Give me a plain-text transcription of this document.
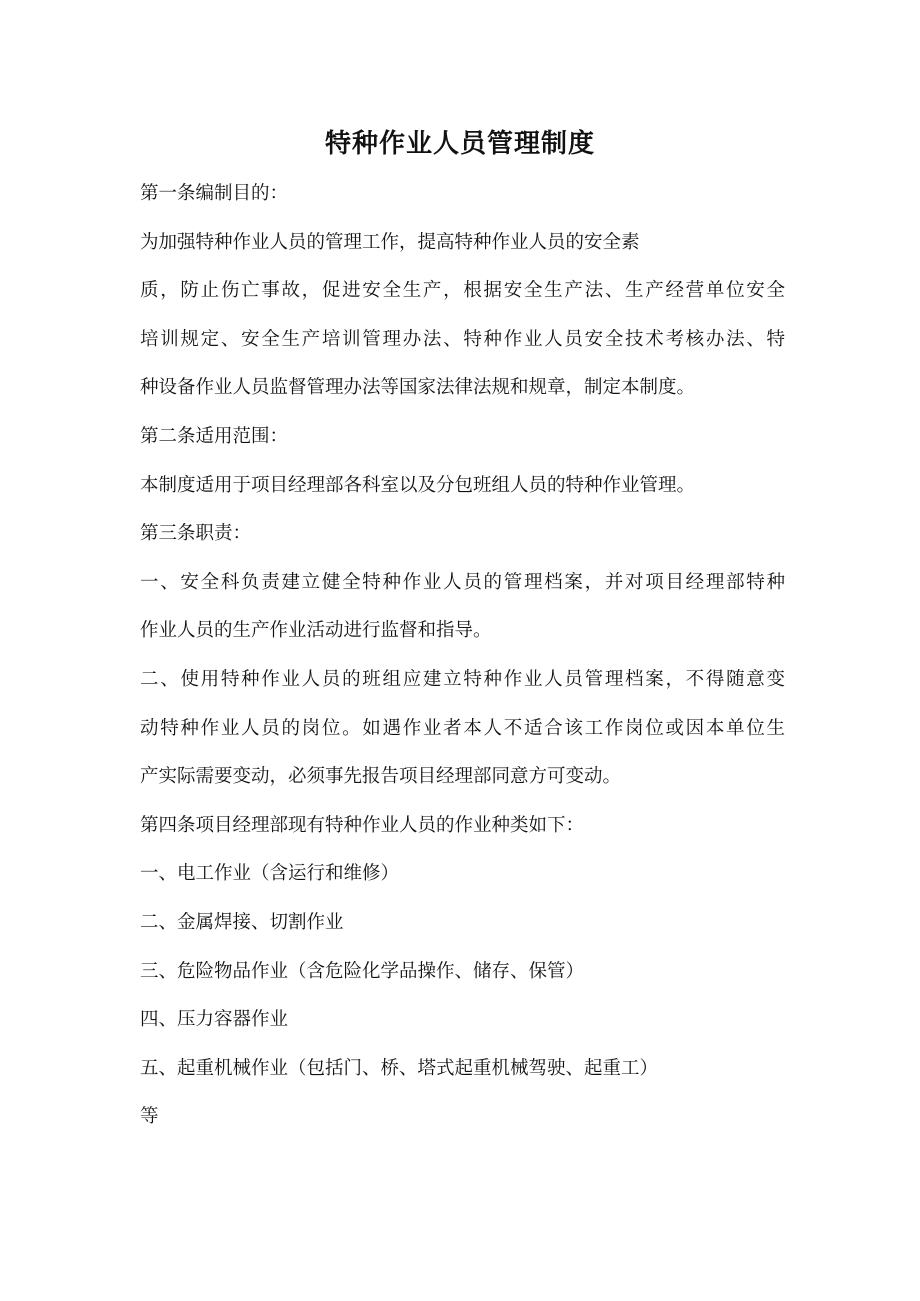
特种作业人员管理制度
第一条编制目的：
为加强特种作业人员的管理工作，提高特种作业人员的安全素
质，防止伤亡事故，促进安全生产，根据安全生产法、生产经营单位安全
培训规定、安全生产培训管理办法、特种作业人员安全技术考核办法、特
种设备作业人员监督管理办法等国家法律法规和规章，制定本制度。
第二条适用范围：
本制度适用于项目经理部各科室以及分包班组人员的特种作业管理。
第三条职责：
一、安全科负责建立健全特种作业人员的管理档案，并对项目经理部特种
作业人员的生产作业活动进行监督和指导。
二、使用特种作业人员的班组应建立特种作业人员管理档案，不得随意变
动特种作业人员的岗位。如遇作业者本人不适合该工作岗位或因本单位生
产实际需要变动，必须事先报告项目经理部同意方可变动。
第四条项目经理部现有特种作业人员的作业种类如下：
一、电工作业（含运行和维修）
二、金属焊接、切割作业
三、危险物品作业（含危险化学品操作、储存、保管）
四、压力容器作业
五、起重机械作业（包括门、桥、塔式起重机械驾驶、起重工）
等
